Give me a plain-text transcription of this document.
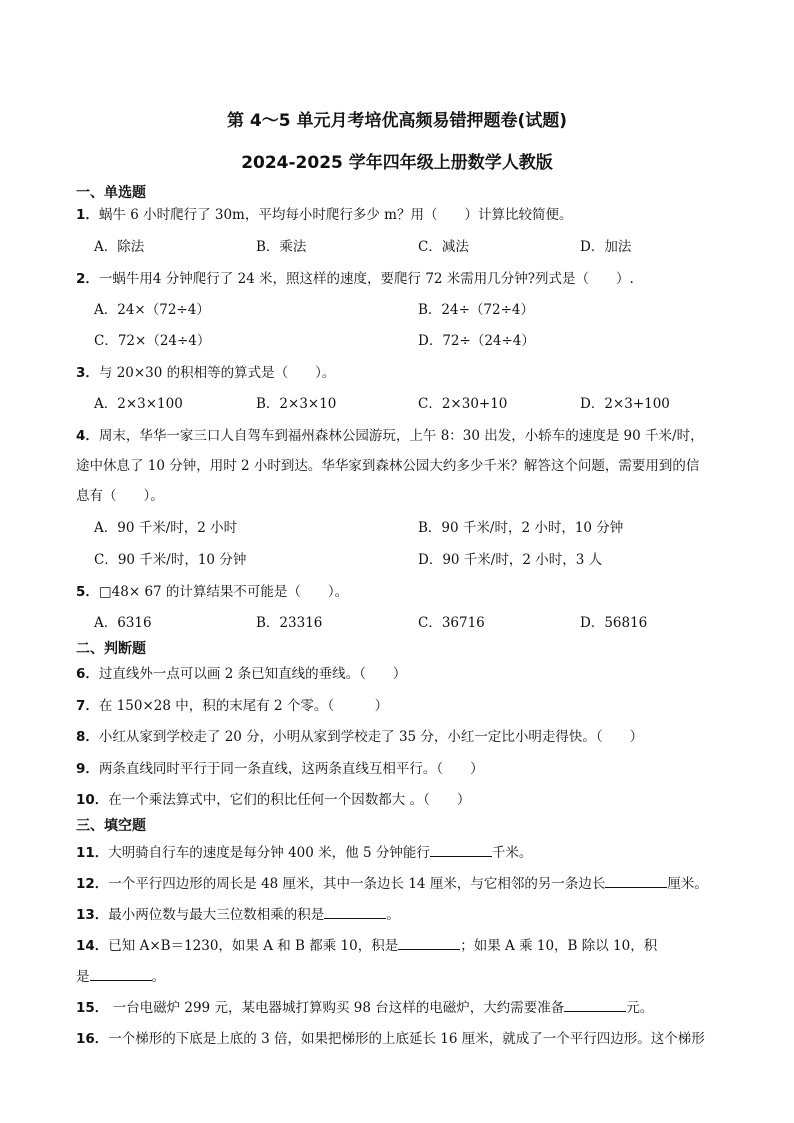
第 4～5 单元月考培优高频易错押题卷(试题)
2024-2025 学年四年级上册数学人教版
一、单选题
1．蜗牛 6 小时爬行了 30m，平均每小时爬行多少 m？用（　　）计算比较简便。
A．除法	B．乘法	C．减法	D．加法
2．一蜗牛用4 分钟爬行了 24 米，照这样的速度，要爬行 72 米需用几分钟?列式是（　　）.
A．24×（72÷4）	B．24÷（72÷4）
C．72×（24÷4）	D．72÷（24÷4）
3．与 20×30 的积相等的算式是（　　）。
A．2×3×100	B．2×3×10	C．2×30+10	D．2×3+100
4．周末，华华一家三口人自驾车到福州森林公园游玩，上午 8：30 出发，小轿车的速度是 90 千米/时，
途中休息了 10 分钟，用时 2 小时到达。华华家到森林公园大约多少千米？解答这个问题，需要用到的信
息有（　　）。
A．90 千米/时，2 小时	B．90 千米/时，2 小时，10 分钟
C．90 千米/时，10 分钟	D．90 千米/时，2 小时，3 人
5．□48× 67 的计算结果不可能是（　　）。
A．6316	B．23316	C．36716	D．56816
二、判断题
6．过直线外一点可以画 2 条已知直线的垂线。（　　）
7．在 150×28 中，积的末尾有 2 个零。（　　　）
8．小红从家到学校走了 20 分，小明从家到学校走了 35 分，小红一定比小明走得快。（　　）
9．两条直线同时平行于同一条直线，这两条直线互相平行。（　　）
10．在一个乘法算式中，它们的积比任何一个因数都大 。（　　）
三、填空题
11．大明骑自行车的速度是每分钟 400 米，他 5 分钟能行	千米。
12．一个平行四边形的周长是 48 厘米，其中一条边长 14 厘米，与它相邻的另一条边长	厘米。
13．最小两位数与最大三位数相乘的积是	。
14．已知 A×B＝1230，如果 A 和 B 都乘 10，积是	；如果 A 乘 10，B 除以 10，积
是	。
15． 一台电磁炉 299 元，某电器城打算购买 98 台这样的电磁炉，大约需要准备	元。
16．一个梯形的下底是上底的 3 倍，如果把梯形的上底延长 16 厘米，就成了一个平行四边形。这个梯形
